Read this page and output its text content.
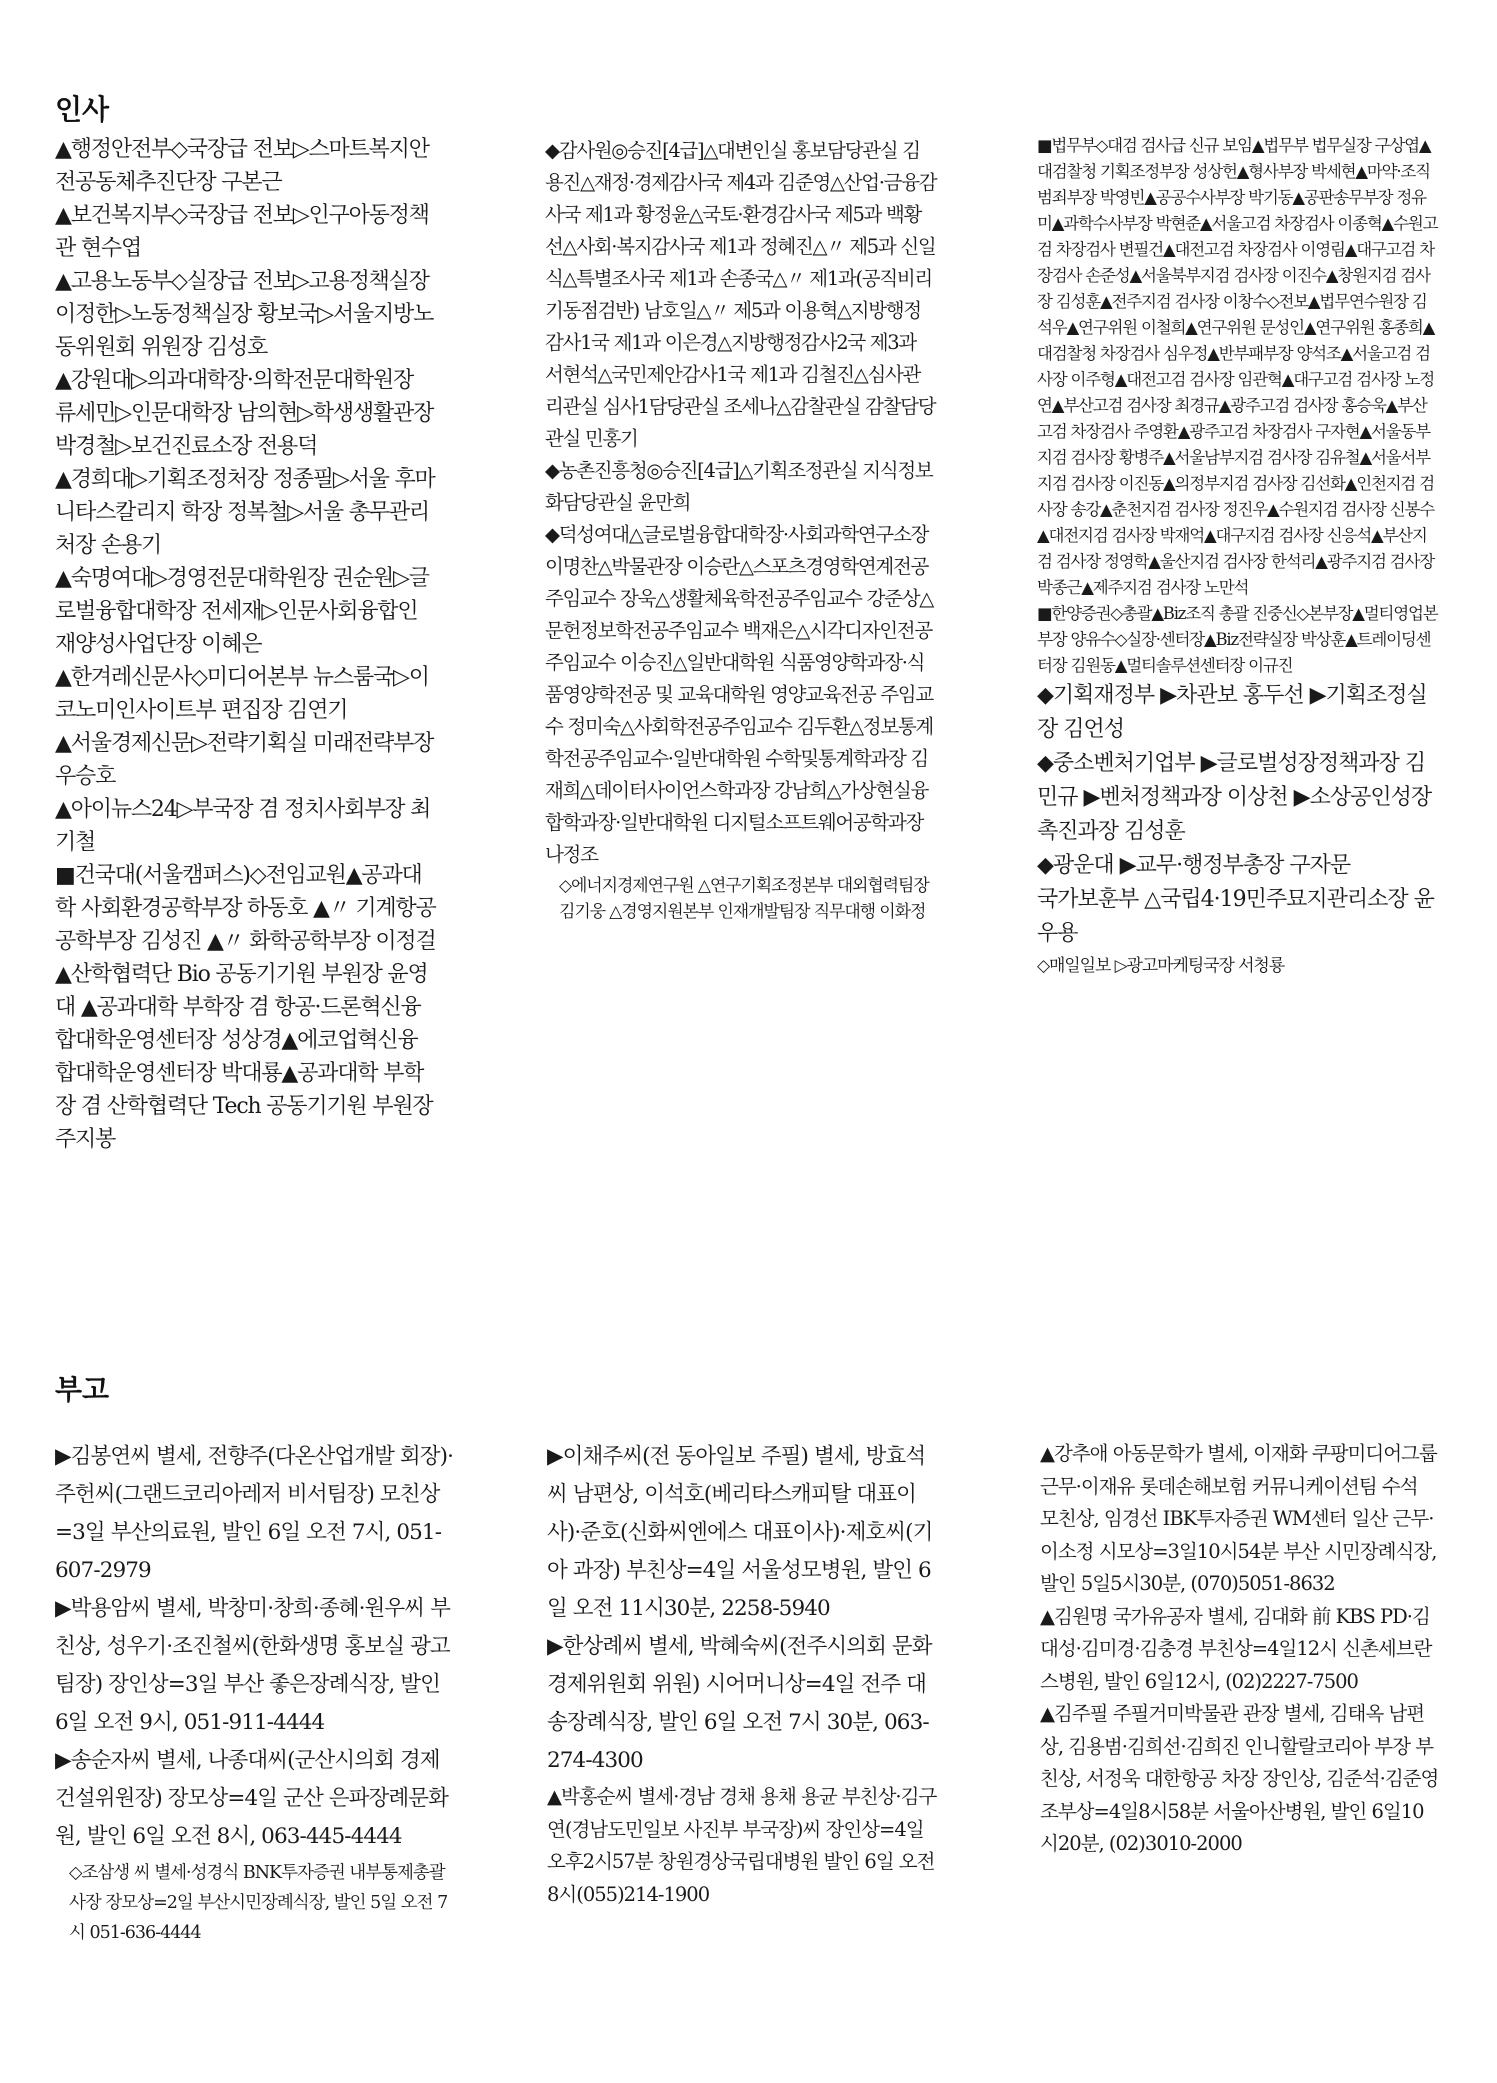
인사

▲행정안전부◇국장급 전보▷스마트복지안전공동체추진단장 구본근

▲보건복지부◇국장급 전보▷인구아동정책관 현수엽

▲고용노동부◇실장급 전보▷고용정책실장 이정한▷노동정책실장 황보국▷서울지방노동위원회 위원장 김성호

▲강원대▷의과대학장·의학전문대학원장 류세민▷인문대학장 남의현▷학생생활관장 박경철▷보건진료소장 전용덕

▲경희대▷기획조정처장 정종필▷서울 후마니타스칼리지 학장 정복철▷서울 총무관리처장 손용기

▲숙명여대▷경영전문대학원장 권순원▷글로벌융합대학장 전세재▷인문사회융합인재양성사업단장 이혜은

▲한겨레신문사◇미디어본부 뉴스룸국▷이코노미인사이트부 편집장 김연기

▲서울경제신문▷전략기획실 미래전략부장 우승호

▲아이뉴스24▷부국장 겸 정치사회부장 최기철

■건국대(서울캠퍼스)◇전임교원▲공과대학 사회환경공학부장 하동호 ▲〃 기계항공공학부장 김성진 ▲〃 화학공학부장 이정걸 ▲산학협력단 Bio 공동기기원 부원장 윤영대 ▲공과대학 부학장 겸 항공·드론혁신융합대학운영센터장 성상경▲에코업혁신융합대학운영센터장 박대룡▲공과대학 부학장 겸 산학협력단 Tech 공동기기원 부원장 주지봉

◆감사원◎승진[4급]△대변인실 홍보담당관실 김용진△재정·경제감사국 제4과 김준영△산업·금융감사국 제1과 황정윤△국토·환경감사국 제5과 백황선△사회·복지감사국 제1과 정혜진△〃 제5과 신일식△특별조사국 제1과 손종국△〃 제1과(공직비리기동점검반) 남호일△〃 제5과 이용혁△지방행정감사1국 제1과 이은경△지방행정감사2국 제3과 서현석△국민제안감사1국 제1과 김철진△심사관리관실 심사1담당관실 조세나△감찰관실 감찰담당관실 민홍기

◆농촌진흥청◎승진[4급]△기획조정관실 지식정보화담당관실 윤만희

◆덕성여대△글로벌융합대학장·사회과학연구소장 이명찬△박물관장 이승란△스포츠경영학연계전공주임교수 장욱△생활체육학전공주임교수 강준상△문헌정보학전공주임교수 백재은△시각디자인전공주임교수 이승진△일반대학원 식품영양학과장·식품영양학전공 및 교육대학원 영양교육전공 주임교수 정미숙△사회학전공주임교수 김두환△정보통계학전공주임교수·일반대학원 수학및통계학과장 김재희△데이터사이언스학과장 강남희△가상현실융합학과장·일반대학원 디지털소프트웨어공학과장 나정조

◇에너지경제연구원 △연구기획조정본부 대외협력팀장 김기웅 △경영지원본부 인재개발팀장 직무대행 이화정

■법무부◇대검 검사급 신규 보임▲법무부 법무실장 구상엽▲대검찰청 기획조정부장 성상헌▲형사부장 박세현▲마약·조직범죄부장 박영빈▲공공수사부장 박기동▲공판송무부장 정유미▲과학수사부장 박현준▲서울고검 차장검사 이종혁▲수원고검 차장검사 변필건▲대전고검 차장검사 이영림▲대구고검 차장검사 손준성▲서울북부지검 검사장 이진수▲창원지검 검사장 김성훈▲전주지검 검사장 이창수◇전보▲법무연수원장 김석우▲연구위원 이철희▲연구위원 문성인▲연구위원 홍종희▲대검찰청 차장검사 심우정▲반부패부장 양석조▲서울고검 검사장 이주형▲대전고검 검사장 임관혁▲대구고검 검사장 노정연▲부산고검 검사장 최경규▲광주고검 검사장 홍승욱▲부산고검 차장검사 주영환▲광주고검 차장검사 구자현▲서울동부지검 검사장 황병주▲서울남부지검 검사장 김유철▲서울서부지검 검사장 이진동▲의정부지검 검사장 김선화▲인천지검 검사장 송강▲춘천지검 검사장 정진우▲수원지검 검사장 신봉수▲대전지검 검사장 박재억▲대구지검 검사장 신응석▲부산지검 검사장 정영학▲울산지검 검사장 한석리▲광주지검 검사장 박종근▲제주지검 검사장 노만석

■한양증권◇총괄▲Biz조직 총괄 진중신◇본부장▲멀티영업본부장 양유수◇실장·센터장▲Biz전략실장 박상훈▲트레이딩센터장 김원동▲멀티솔루션센터장 이규진

◆기획재정부 ▶차관보 홍두선 ▶기획조정실장 김언성

◆중소벤처기업부 ▶글로벌성장정책과장 김민규 ▶벤처정책과장 이상천 ▶소상공인성장촉진과장 김성훈

◆광운대 ▶교무·행정부총장 구자문

국가보훈부 △국립4·19민주묘지관리소장 윤우용

◇매일일보 ▷광고마케팅국장 서청룡

부고

▶김봉연씨 별세, 전향주(다온산업개발 회장)·주헌씨(그랜드코리아레저 비서팀장) 모친상=3일 부산의료원, 발인 6일 오전 7시, 051-607-2979

▶박용암씨 별세, 박창미·창희·종혜·원우씨 부친상, 성우기·조진철씨(한화생명 홍보실 광고팀장) 장인상=3일 부산 좋은장례식장, 발인 6일 오전 9시, 051-911-4444

▶송순자씨 별세, 나종대씨(군산시의회 경제건설위원장) 장모상=4일 군산 은파장례문화원, 발인 6일 오전 8시, 063-445-4444

◇조삼생 씨 별세·성경식 BNK투자증권 내부통제총괄사장 장모상=2일 부산시민장례식장, 발인 5일 오전 7시 051-636-4444

▶이채주씨(전 동아일보 주필) 별세, 방효석씨 남편상, 이석호(베리타스캐피탈 대표이사)·준호(신화씨엔에스 대표이사)·제호씨(기아 과장) 부친상=4일 서울성모병원, 발인 6일 오전 11시30분, 2258-5940

▶한상례씨 별세, 박혜숙씨(전주시의회 문화경제위원회 위원) 시어머니상=4일 전주 대송장례식장, 발인 6일 오전 7시 30분, 063-274-4300

▲박홍순씨 별세·경남 경채 용채 용균 부친상·김구연(경남도민일보 사진부 부국장)씨 장인상=4일 오후2시57분 창원경상국립대병원 발인 6일 오전8시(055)214-1900

▲강추애 아동문학가 별세, 이재화 쿠팡미디어그룹 근무·이재유 롯데손해보험 커뮤니케이션팀 수석 모친상, 임경선 IBK투자증권 WM센터 일산 근무·이소정 시모상=3일10시54분 부산 시민장례식장, 발인 5일5시30분, (070)5051-8632

▲김원명 국가유공자 별세, 김대화 前 KBS PD·김대성·김미경·김충경 부친상=4일12시 신촌세브란스병원, 발인 6일12시, (02)2227-7500

▲김주필 주필거미박물관 관장 별세, 김태옥 남편상, 김용범·김희선·김희진 인니할랄코리아 부장 부친상, 서정욱 대한항공 차장 장인상, 김준석·김준영 조부상=4일8시58분 서울아산병원, 발인 6일10시20분, (02)3010-2000
